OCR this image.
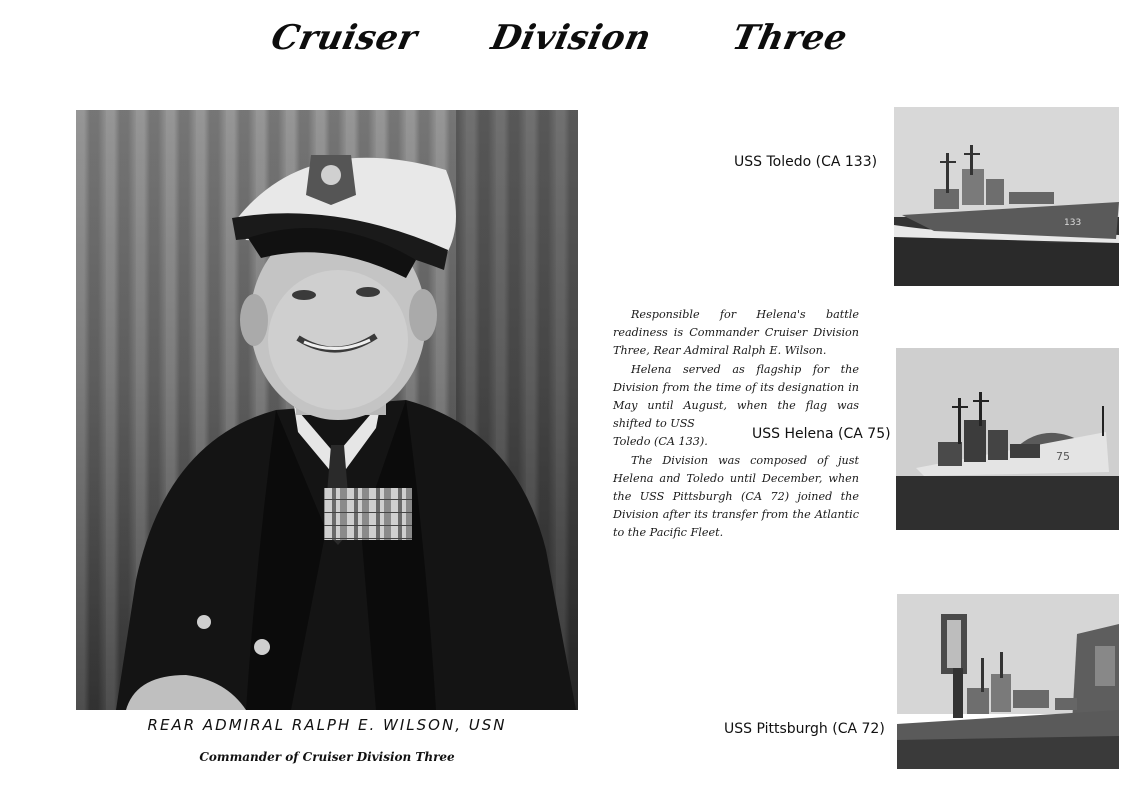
Cruiser Division Three
REAR ADMIRAL RALPH E. WILSON, USN
Commander of Cruiser Division Three

Responsible for Helena's battle readiness is Commander Cruiser Division Three, Rear Admiral Ralph E. Wilson.

Helena served as flagship for the Division from the time of its designation in May until August, when the flag was shifted to USS
Toledo (CA 133).

The Division was composed of just Helena and Toledo until December, when the USS Pittsburgh (CA 72) joined the Division after its transfer from the Atlantic to the Pacific Fleet.

USS Toledo (CA 133)
USS Helena (CA 75)
USS Pittsburgh (CA 72)
133
75
